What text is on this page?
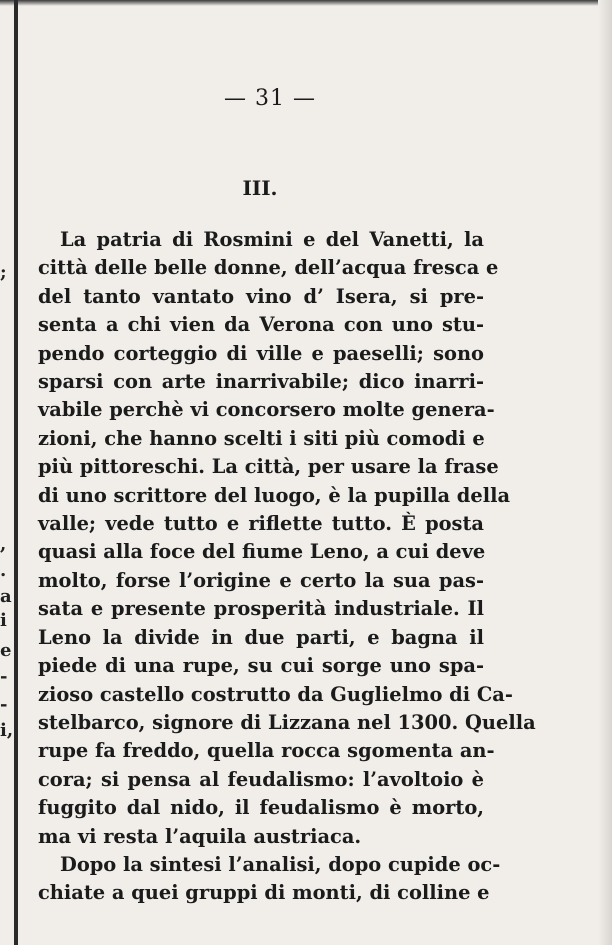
;
,
.
a
i
e
-
-
i,
— 31 —
III.
La patria di Rosmini e del Vanetti, la
città delle belle donne, dell’acqua fresca e
del tanto vantato vino d’ Isera, si pre-
senta a chi vien da Verona con uno stu-
pendo corteggio di ville e paeselli; sono
sparsi con arte inarrivabile; dico inarri-
vabile perchè vi concorsero molte genera-
zioni, che hanno scelti i siti più comodi e
più pittoreschi. La città, per usare la frase
di uno scrittore del luogo, è la pupilla della
valle; vede tutto e riflette tutto. È posta
quasi alla foce del fiume Leno, a cui deve
molto, forse l’origine e certo la sua pas-
sata e presente prosperità industriale. Il
Leno la divide in due parti, e bagna il
piede di una rupe, su cui sorge uno spa-
zioso castello costrutto da Guglielmo di Ca-
stelbarco, signore di Lizzana nel 1300. Quella
rupe fa freddo, quella rocca sgomenta an-
cora; si pensa al feudalismo: l’avoltoio è
fuggito dal nido, il feudalismo è morto,
ma vi resta l’aquila austriaca.
Dopo la sintesi l’analisi, dopo cupide oc-
chiate a quei gruppi di monti, di colline e
